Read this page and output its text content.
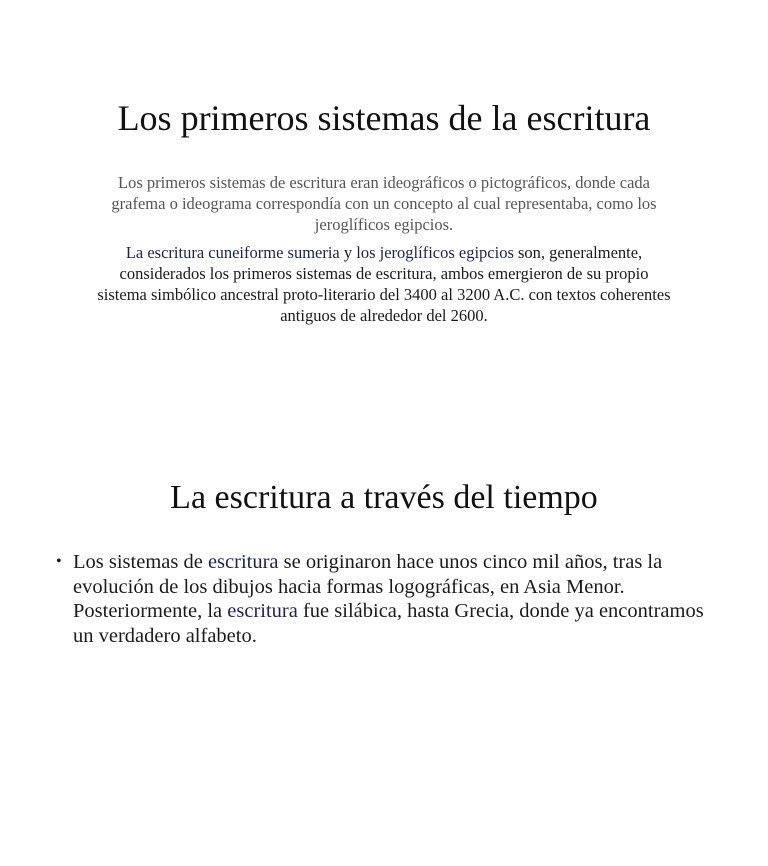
Los primeros sistemas de la escritura

Los primeros sistemas de escritura eran ideográficos o pictográficos, donde cada grafema o ideograma correspondía con un concepto al cual representaba, como los jeroglíficos egipcios.

La escritura cuneiforme sumeria y los jeroglíficos egipcios son, generalmente, considerados los primeros sistemas de escritura, ambos emergieron de su propio sistema simbólico ancestral proto-literario del 3400 al 3200 A.C. con textos coherentes antiguos de alrededor del 2600.

La escritura a través del tiempo
• Los sistemas de escritura se originaron hace unos cinco mil años, tras la evolución de los dibujos hacia formas logográficas, en Asia Menor. Posteriormente, la escritura fue silábica, hasta Grecia, donde ya encontramos un verdadero alfabeto.
